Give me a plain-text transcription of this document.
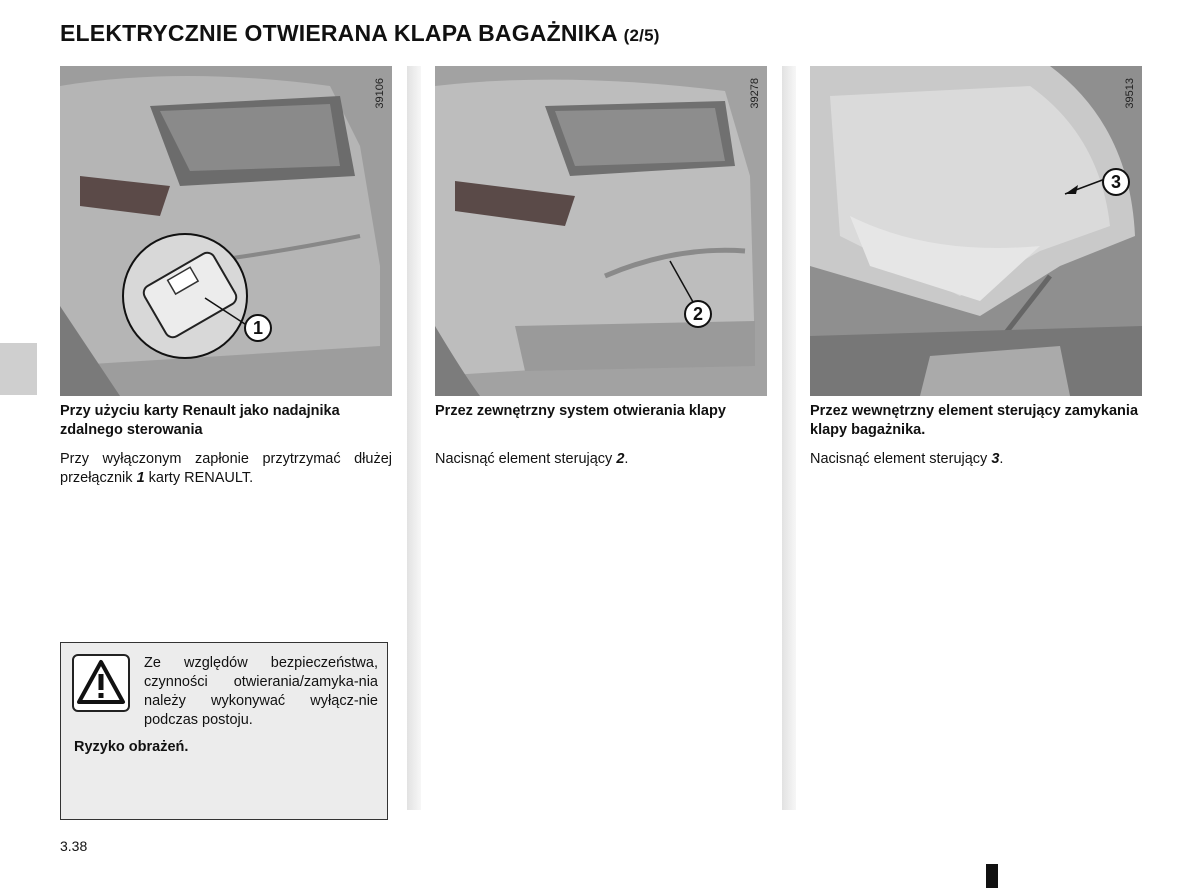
ELEKTRYCZNIE OTWIERANA KLAPA BAGAŻNIKA (2/5)
39106
1
39278
2
39513
3
Przy użyciu karty Renault jako nadajnika zdalnego sterowania
Przy wyłączonym zapłonie przytrzymać dłużej przełącznik 1 karty RENAULT.
Przez zewnętrzny system otwierania klapy
Nacisnąć element sterujący 2.
Przez wewnętrzny element sterujący zamykania klapy bagażnika.
Nacisnąć element sterujący 3.
Ze względów bezpieczeństwa, czynności otwierania/zamyka-nia należy wykonywać wyłącz-nie podczas postoju.
Ryzyko obrażeń.
3.38
